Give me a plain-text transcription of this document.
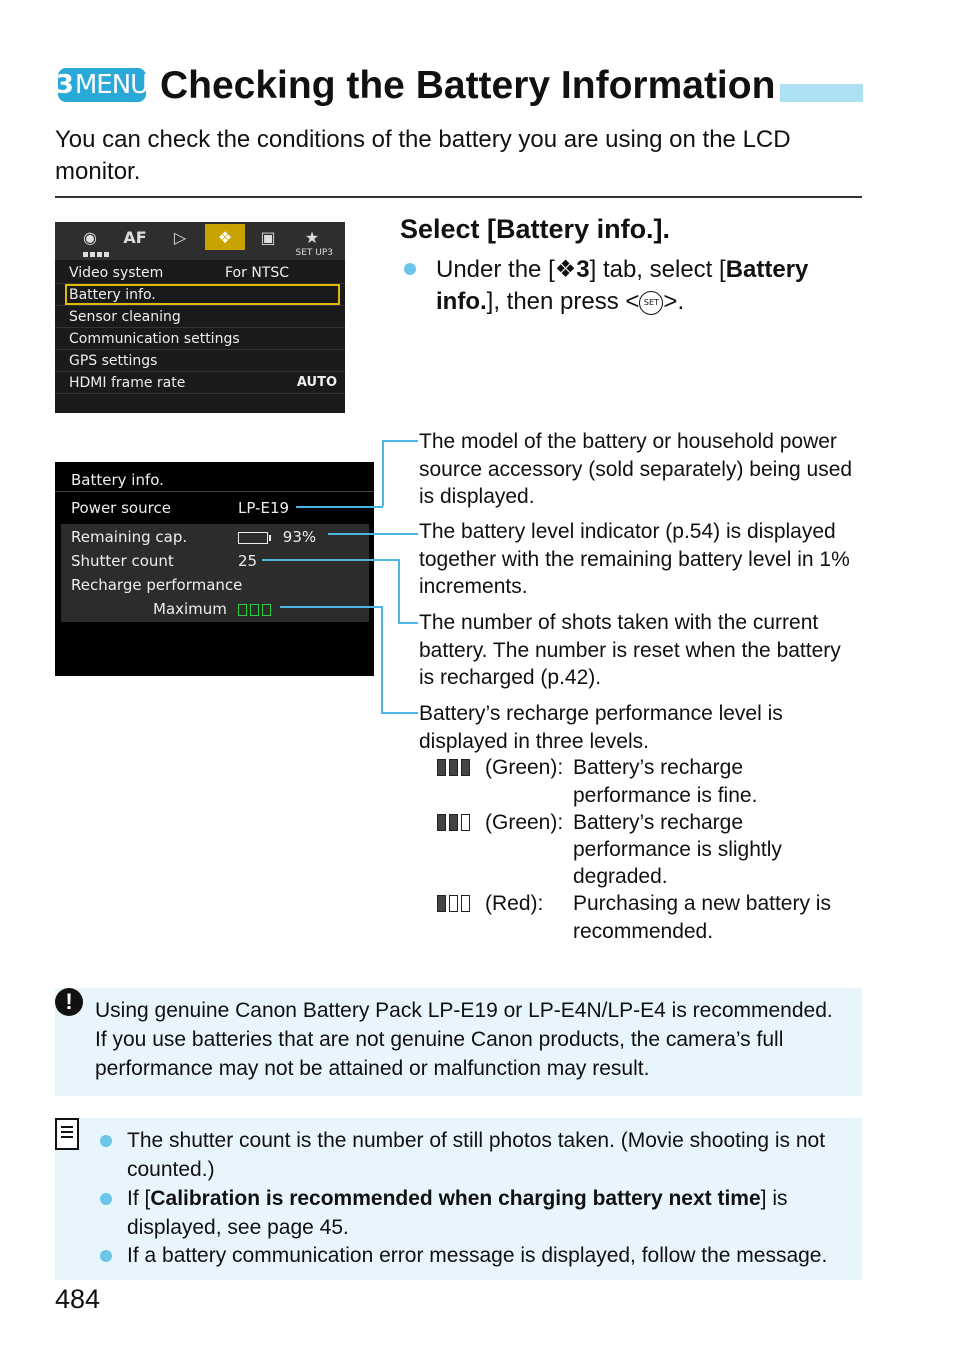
3 MENU Checking the Battery Information
You can check the conditions of the battery you are using on the LCD monitor.
◉	AF	▷	❖	▣	★
SET UP3
Video system	For NTSC
Battery info.
Sensor cleaning
Communication settings
GPS settings
HDMI frame rate	AUTO
Select [Battery info.].
Under the [❖3] tab, select [Battery info.], then press < SET >.
Battery info.
Power source	LP-E19
Remaining cap.	93%
Shutter count	25
Recharge performance
Maximum
The model of the battery or household power source accessory (sold separately) being used is displayed.
The battery level indicator (p.54) is displayed together with the remaining battery level in 1% increments.
The number of shots taken with the current battery. The number is reset when the battery is recharged (p.42).
Battery’s recharge performance level is displayed in three levels.
(Green): Battery’s recharge
performance is fine.
(Green): Battery’s recharge
performance is slightly
degraded.
(Red): Purchasing a new battery is
recommended.
!	Using genuine Canon Battery Pack LP-E19 or LP-E4N/LP-E4 is recommended. If you use batteries that are not genuine Canon products, the camera’s full performance may not be attained or malfunction may result.
The shutter count is the number of still photos taken. (Movie shooting is not counted.)
If [Calibration is recommended when charging battery next time] is displayed, see page 45.
If a battery communication error message is displayed, follow the message.
484
